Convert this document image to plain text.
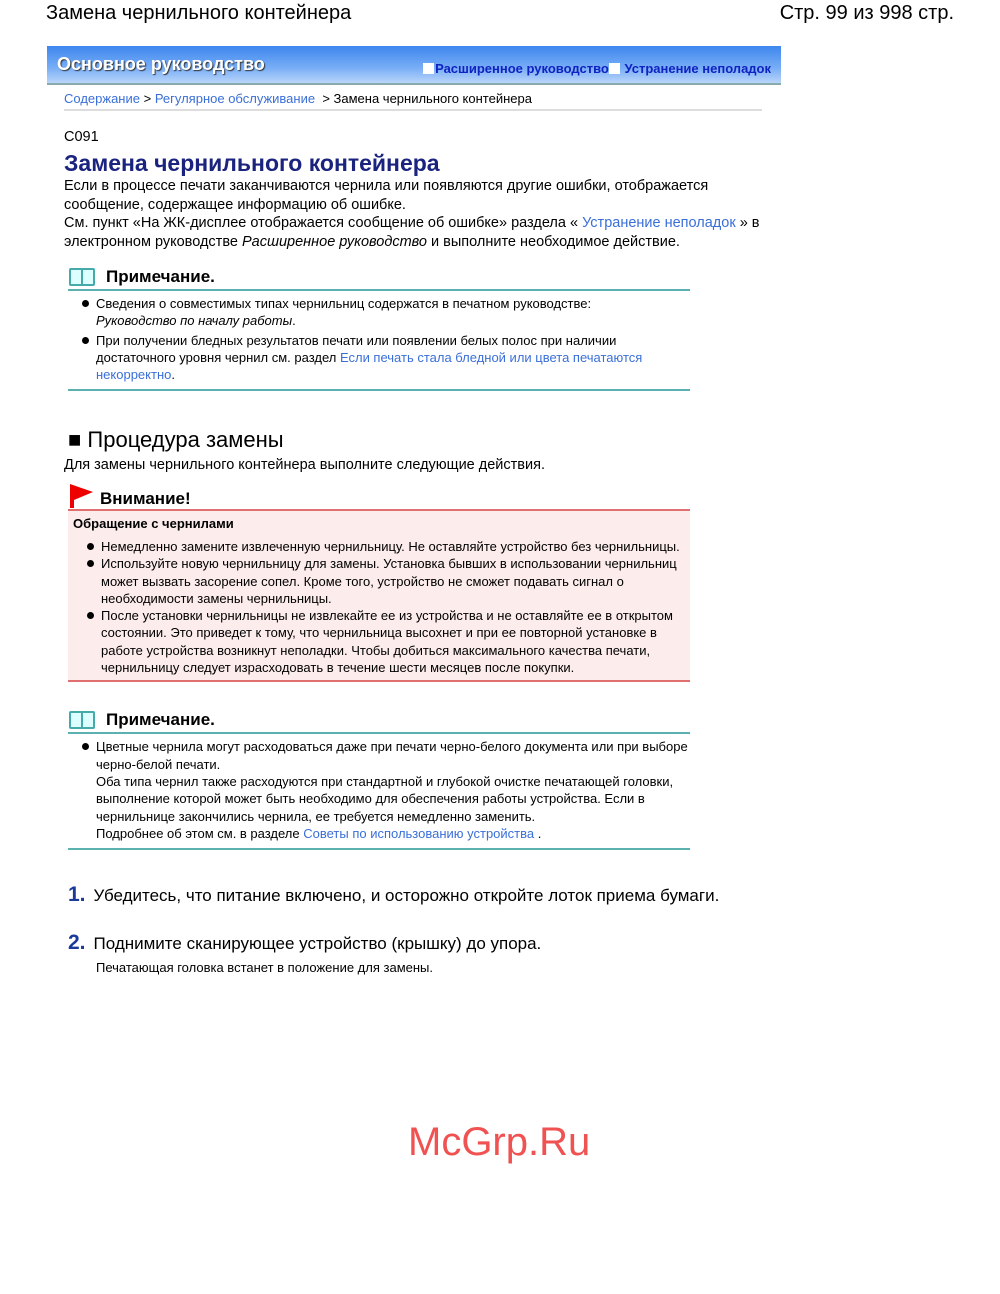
Замена чернильного контейнера	Стр. 99 из 998 стр.
Основное руководство	Расширенное руководство Устранение неполадок
Содержание > Регулярное обслуживание  > Замена чернильного контейнера
C091
Замена чернильного контейнера
Если в процессе печати заканчиваются чернила или появляются другие ошибки, отображается сообщение, содержащее информацию об ошибке.
См. пункт «На ЖК-дисплее отображается сообщение об ошибке» раздела « Устранение неполадок » в электронном руководстве Расширенное руководство и выполните необходимое действие.
Примечание.
Сведения о совместимых типах чернильниц содержатся в печатном руководстве:
Руководство по началу работы.
При получении бледных результатов печати или появлении белых полос при наличии достаточного уровня чернил см. раздел Если печать стала бледной или цвета печатаются некорректно.
■ Процедура замены
Для замены чернильного контейнера выполните следующие действия.
Внимание!
Обращение с чернилами
Немедленно замените извлеченную чернильницу. Не оставляйте устройство без чернильницы.
Используйте новую чернильницу для замены. Установка бывших в использовании чернильниц может вызвать засорение сопел. Кроме того, устройство не сможет подавать сигнал о необходимости замены чернильницы.
После установки чернильницы не извлекайте ее из устройства и не оставляйте ее в открытом состоянии. Это приведет к тому, что чернильница высохнет и при ее повторной установке в работе устройства возникнут неполадки. Чтобы добиться максимального качества печати, чернильницу следует израсходовать в течение шести месяцев после покупки.
Примечание.
Цветные чернила могут расходоваться даже при печати черно-белого документа или при выборе черно-белой печати.
Оба типа чернил также расходуются при стандартной и глубокой очистке печатающей головки, выполнение которой может быть необходимо для обеспечения работы устройства. Если в чернильнице закончились чернила, ее требуется немедленно заменить.
Подробнее об этом см. в разделе Советы по использованию устройства .
1. Убедитесь, что питание включено, и осторожно откройте лоток приема бумаги.
2. Поднимите сканирующее устройство (крышку) до упора.
Печатающая головка встанет в положение для замены.
McGrp.Ru
